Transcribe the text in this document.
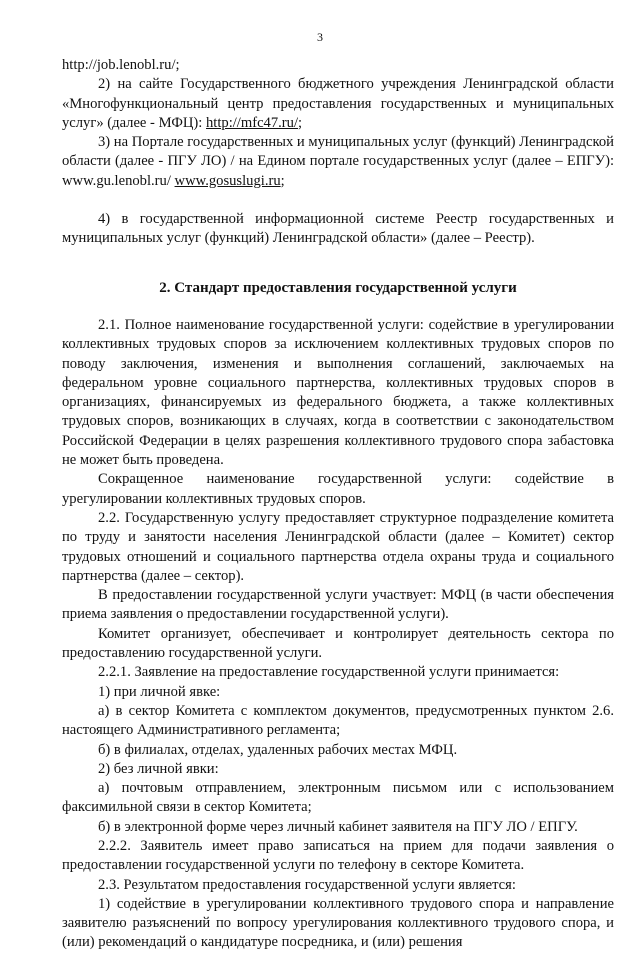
3

http://job.lenobl.ru/;

2) на сайте Государственного бюджетного учреждения Ленинградской области «Многофункциональный центр предоставления государственных и муниципальных услуг» (далее - МФЦ): http://mfc47.ru/;

3) на Портале государственных и муниципальных услуг (функций) Ленинградской области (далее - ПГУ ЛО) / на Едином портале государственных услуг (далее – ЕПГУ): www.gu.lenobl.ru/ www.gosuslugi.ru;

4) в государственной информационной системе Реестр государственных и муниципальных услуг (функций) Ленинградской области» (далее – Реестр).

2. Стандарт предоставления государственной услуги

2.1. Полное наименование государственной услуги: содействие в урегулировании коллективных трудовых споров за исключением коллективных трудовых споров по поводу заключения, изменения и выполнения соглашений, заключаемых на федеральном уровне социального партнерства, коллективных трудовых споров в организациях, финансируемых из федерального бюджета, а также коллективных трудовых споров, возникающих в случаях, когда в соответствии с законодательством Российской Федерации в целях разрешения коллективного трудового спора забастовка не может быть проведена.

Сокращенное наименование государственной услуги: содействие в урегулировании коллективных трудовых споров.

2.2. Государственную услугу предоставляет структурное подразделение комитета по труду и занятости населения Ленинградской области (далее – Комитет) сектор трудовых отношений и социального партнерства отдела охраны труда и социального партнерства (далее – сектор).

В предоставлении государственной услуги участвует: МФЦ (в части обеспечения приема заявления о предоставлении государственной услуги).

Комитет организует, обеспечивает и контролирует деятельность сектора по предоставлению государственной услуги.

2.2.1. Заявление на предоставление государственной услуги принимается:

1) при личной явке:

а) в сектор Комитета с комплектом документов, предусмотренных пунктом 2.6. настоящего Административного регламента;

б) в филиалах, отделах, удаленных рабочих местах МФЦ.

2) без личной явки:

а) почтовым отправлением, электронным письмом или с использованием факсимильной связи в сектор Комитета;

б) в электронной форме через личный кабинет заявителя на ПГУ ЛО / ЕПГУ.

2.2.2. Заявитель имеет право записаться на прием для подачи заявления о предоставлении государственной услуги по телефону в секторе Комитета.

2.3. Результатом предоставления государственной услуги является:

1) содействие в урегулировании коллективного трудового спора и направление заявителю разъяснений по вопросу урегулирования коллективного трудового спора, и (или) рекомендаций о кандидатуре посредника, и (или) решения
